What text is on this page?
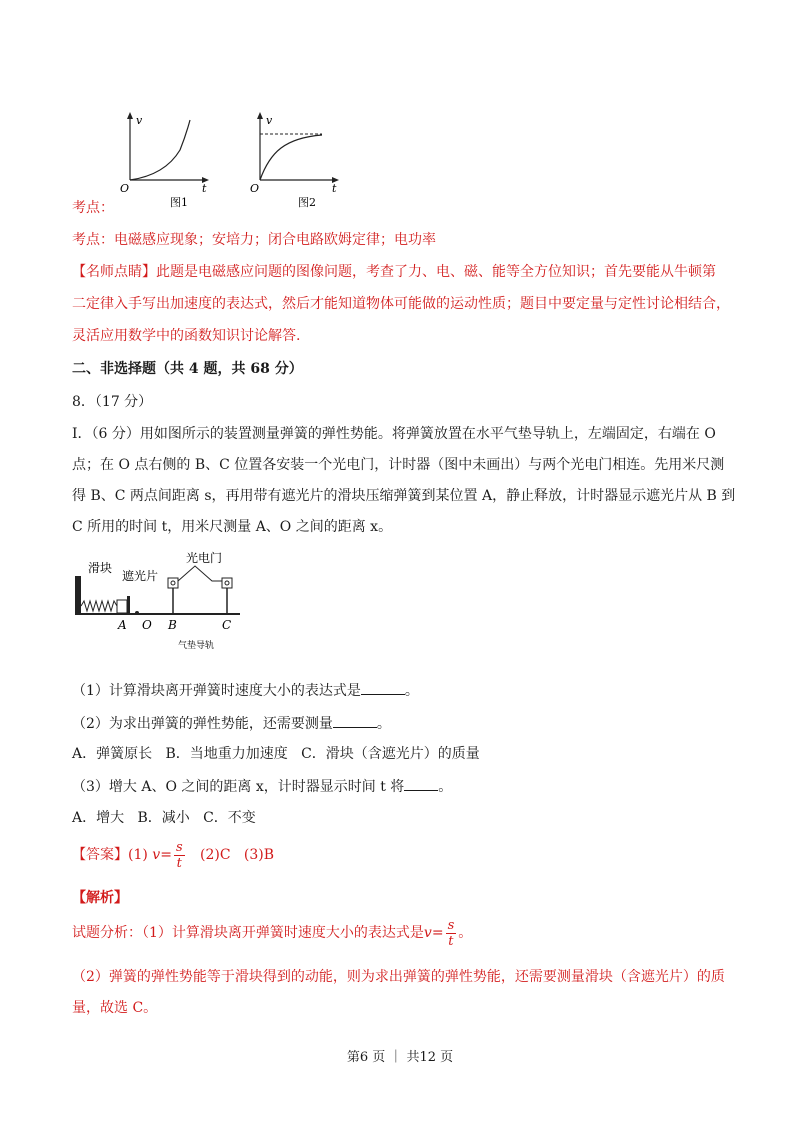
v
t
O
图1
v
t
O
图2
考点：
考点：电磁感应现象；安培力；闭合电路欧姆定律；电功率
【名师点睛】此题是电磁感应问题的图像问题，考查了力、电、磁、能等全方位知识；首先要能从牛顿第
二定律入手写出加速度的表达式，然后才能知道物体可能做的运动性质；题目中要定量与定性讨论相结合，
灵活应用数学中的函数知识讨论解答.
二、非选择题（共 4 题，共 68 分）
8．（17 分）
Ⅰ．（6 分）用如图所示的装置测量弹簧的弹性势能。将弹簧放置在水平气垫导轨上，左端固定，右端在 O
点；在 O 点右侧的 B、C 位置各安装一个光电门，计时器（图中未画出）与两个光电门相连。先用米尺测
得 B、C 两点间距离 s，再用带有遮光片的滑块压缩弹簧到某位置 A，静止释放，计时器显示遮光片从 B 到
C 所用的时间 t，用米尺测量 A、O 之间的距离 x。
滑块
遮光片
光电门
A O B	C
气垫导轨
（1）计算滑块离开弹簧时速度大小的表达式是	。
（2）为求出弹簧的弹性势能，还需要测量	。
A．弹簧原长   B．当地重力加速度   C．滑块（含遮光片）的质量
（3）增大 A、O 之间的距离 x，计时器显示时间 t 将 。
A．增大   B．减小   C．不变
【答案】(1) $v= \frac{s}{t} (2)C$ (3)B
【解析】
试题分析：（1）计算滑块离开弹簧时速度大小的表达式是$v= \frac{s}{t}$ 。
（2）弹簧的弹性势能等于滑块得到的动能，则为求出弹簧的弹性势能，还需要测量滑块（含遮光片）的质
量，故选 C。
第6 页 ｜ 共12 页
